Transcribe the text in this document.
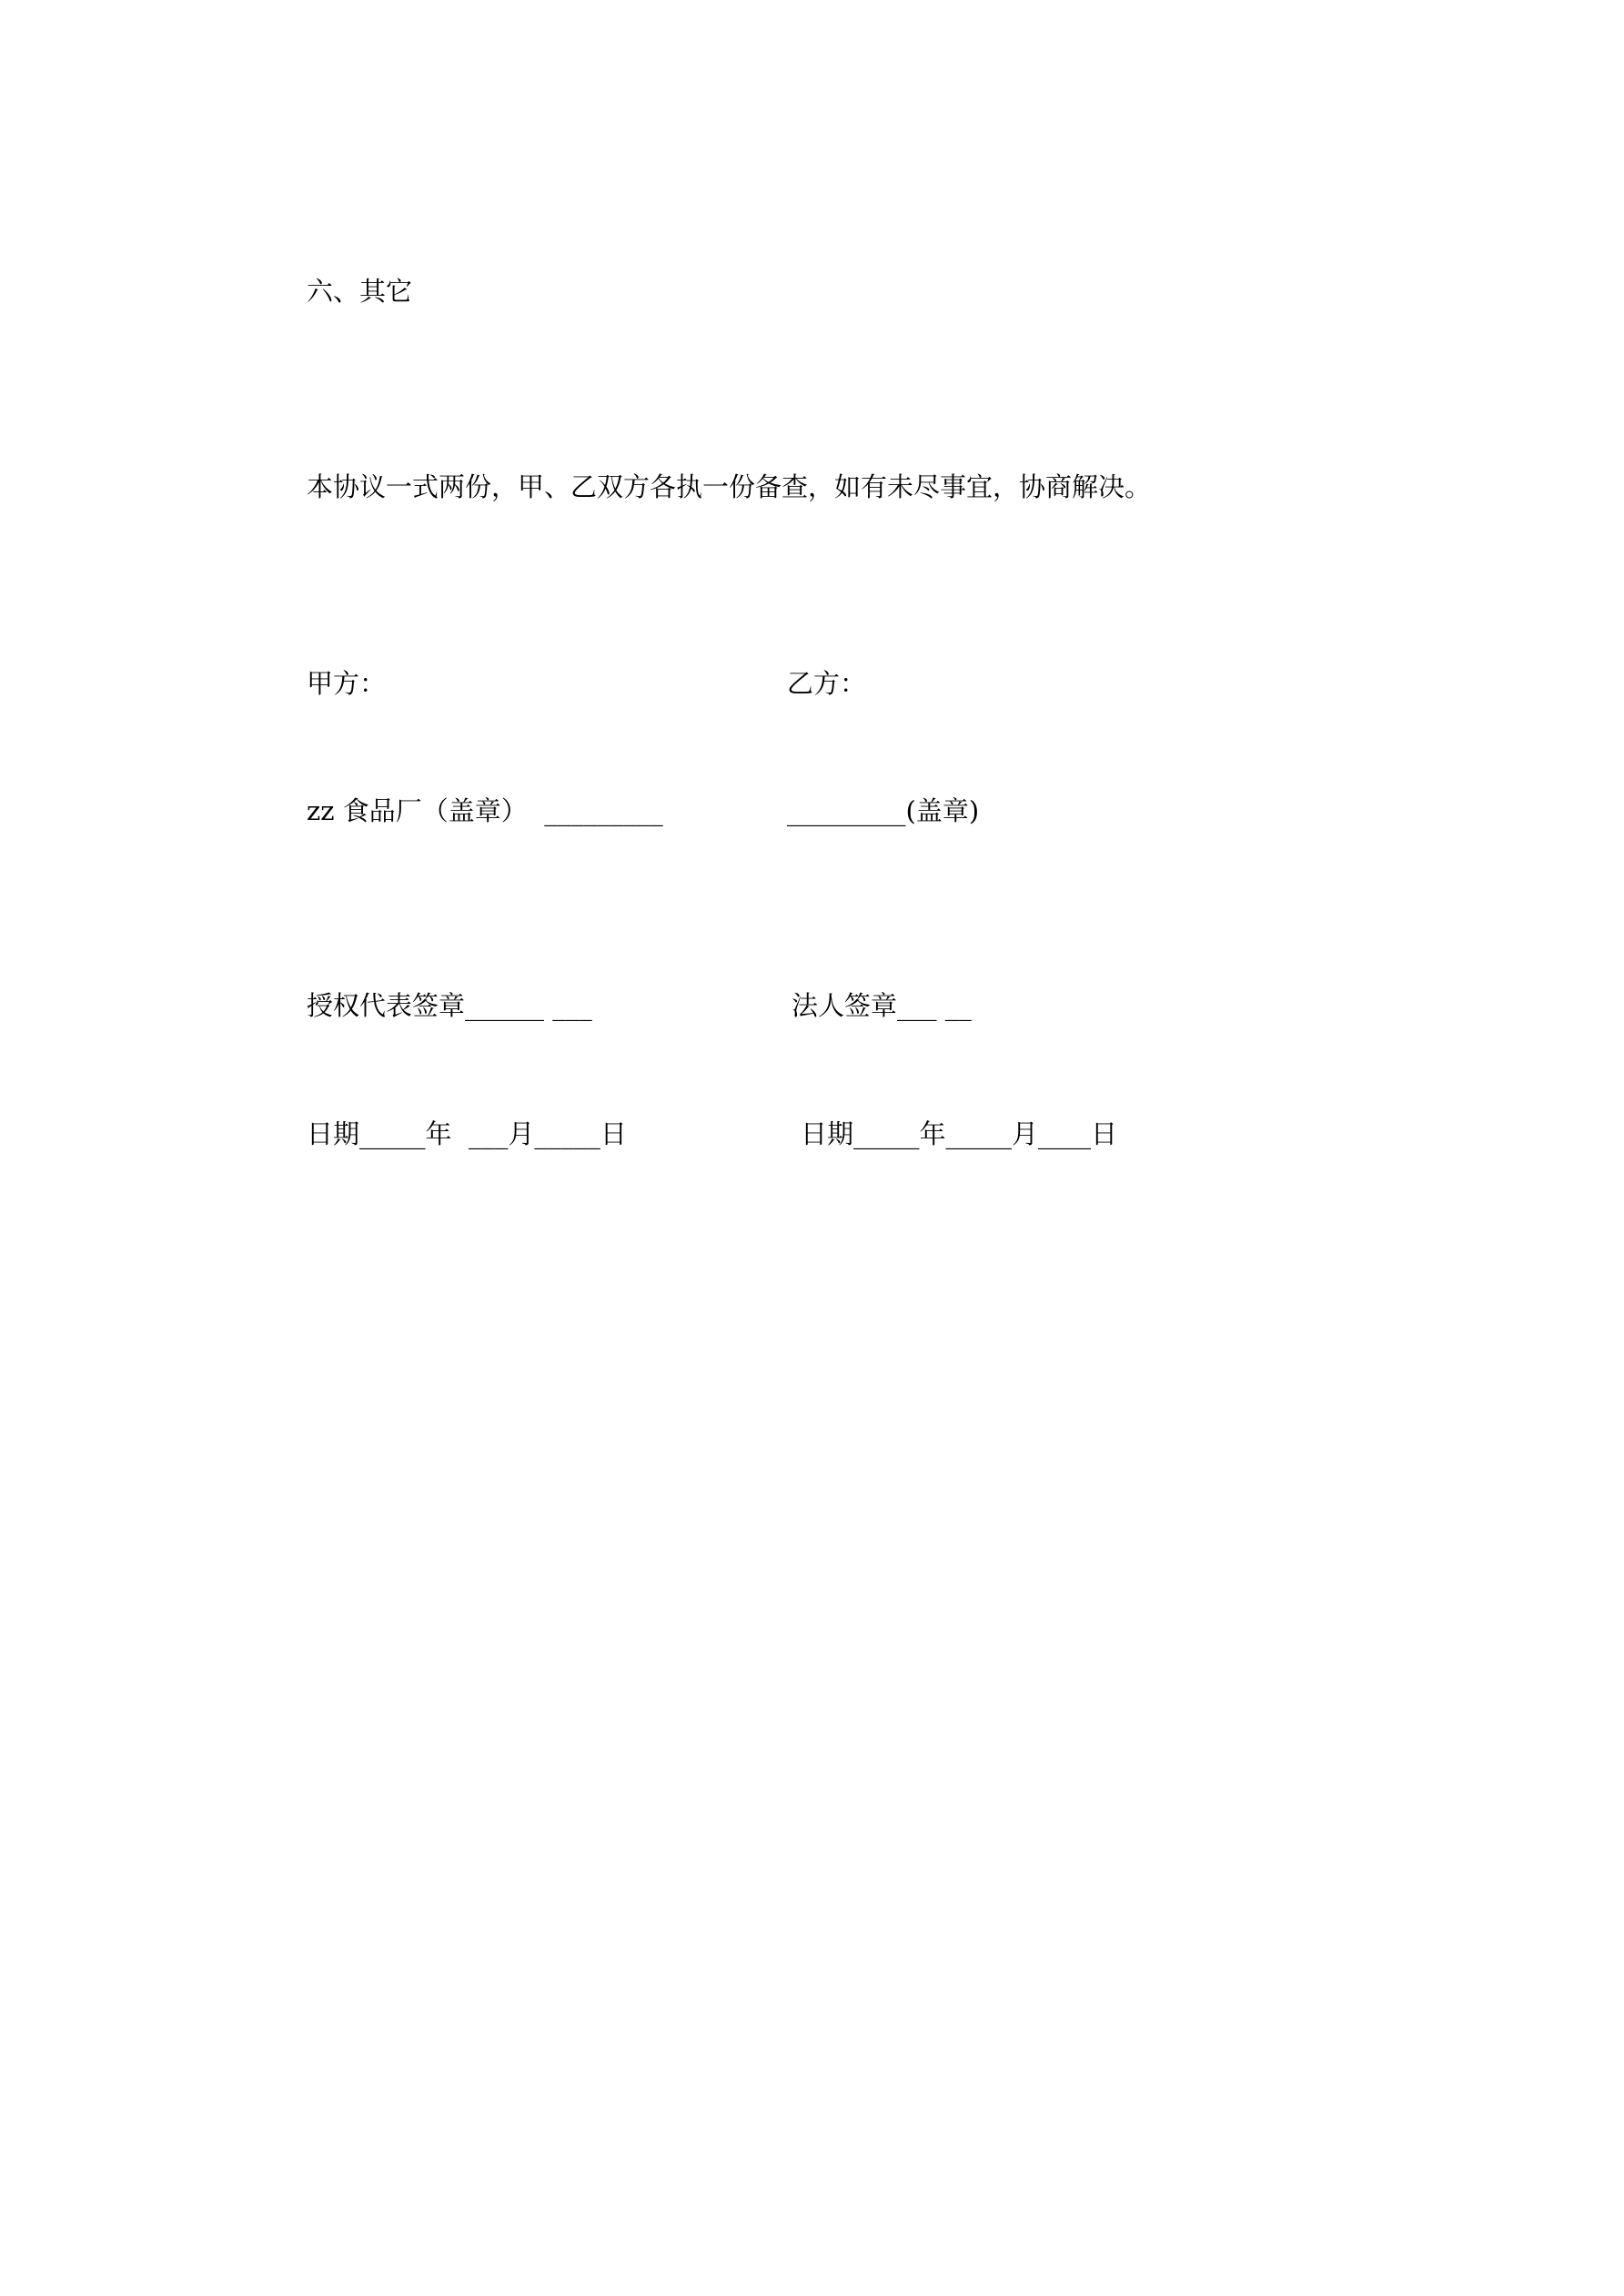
六、其它
本协议一式两份，甲、乙双方各执一份备查，如有未尽事宜，协商解决。
甲方：	乙方：
zz 食品厂（盖章）  _________	_________(盖章)
授权代表签章______ ___	法人签章___ __
日期_____年  ___月_____日	日期_____年_____月____日
